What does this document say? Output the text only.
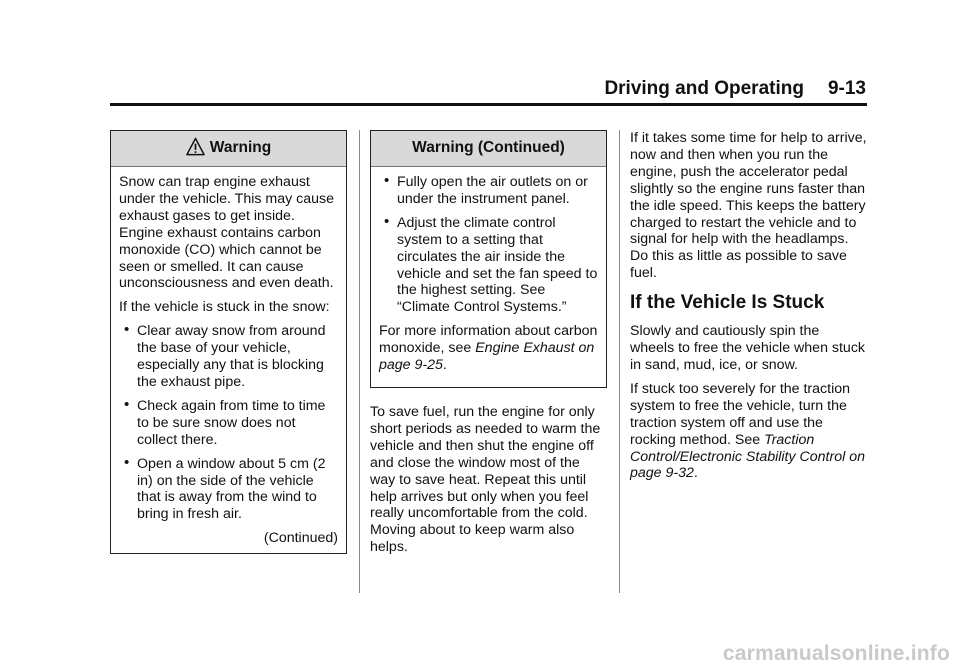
Driving and Operating 9-13
Warning

Snow can trap engine exhaust under the vehicle. This may cause exhaust gases to get inside. Engine exhaust contains carbon monoxide (CO) which cannot be seen or smelled. It can cause unconsciousness and even death.

If the vehicle is stuck in the snow:

• Clear away snow from around the base of your vehicle, especially any that is blocking the exhaust pipe.
• Check again from time to time to be sure snow does not collect there.
• Open a window about 5 cm (2 in) on the side of the vehicle that is away from the wind to bring in fresh air.
(Continued)
Warning (Continued)
• Fully open the air outlets on or under the instrument panel.
• Adjust the climate control system to a setting that circulates the air inside the vehicle and set the fan speed to the highest setting. See “Climate Control Systems.”

For more information about carbon monoxide, see Engine Exhaust on page 9-25.

To save fuel, run the engine for only short periods as needed to warm the vehicle and then shut the engine off and close the window most of the way to save heat. Repeat this until help arrives but only when you feel really uncomfortable from the cold. Moving about to keep warm also helps.

If it takes some time for help to arrive, now and then when you run the engine, push the accelerator pedal slightly so the engine runs faster than the idle speed. This keeps the battery charged to restart the vehicle and to signal for help with the headlamps. Do this as little as possible to save fuel.

If the Vehicle Is Stuck

Slowly and cautiously spin the wheels to free the vehicle when stuck in sand, mud, ice, or snow.

If stuck too severely for the traction system to free the vehicle, turn the traction system off and use the rocking method. See Traction Control/Electronic Stability Control on page 9-32.

carmanualsonline.info
